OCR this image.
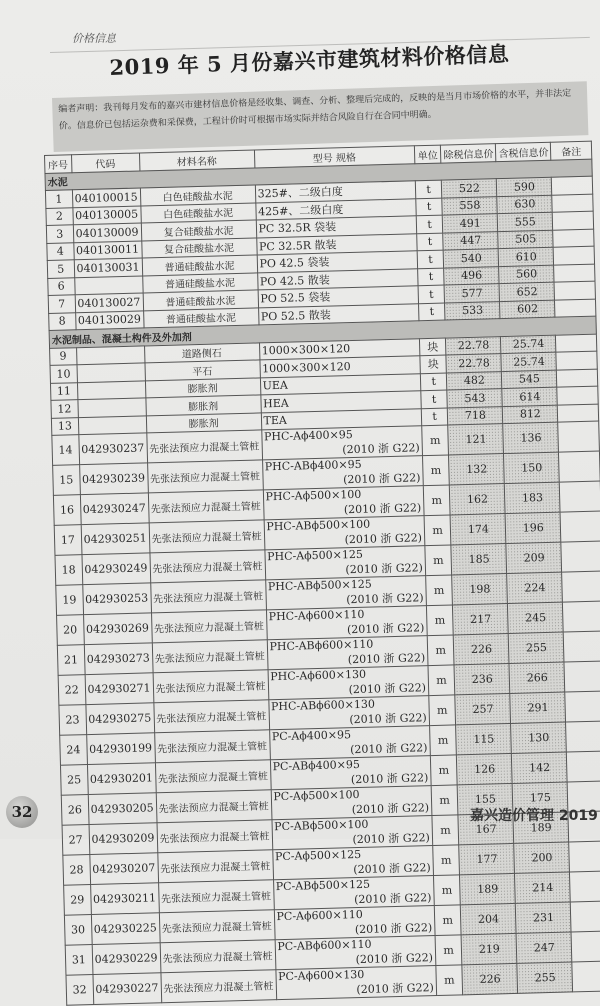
价格信息
2019 年 5 月份嘉兴市建筑材料价格信息
编者声明：我刊每月发布的嘉兴市建材信息价格是经收集、调查、分析、整理后完成的，反映的是当月市场价格的水平，并非法定价。信息价已包括运杂费和采保费，工程计价时可根据市场实际并结合风险自行在合同中明确。
序号	代码	材料名称	型号 规格	单位	除税信息价	含税信息价	备注
水泥							
1	040100015	白色硅酸盐水泥	325#、二级白度	t	522	590	
2	040130005	白色硅酸盐水泥	425#、二级白度	t	558	630	
3	040130009	复合硅酸盐水泥	PC 32.5R 袋装	t	491	555	
4	040130011	复合硅酸盐水泥	PC 32.5R 散装	t	447	505	
5	040130031	普通硅酸盐水泥	PO 42.5 袋装	t	540	610	
6		普通硅酸盐水泥	PO 42.5 散装	t	496	560	
7	040130027	普通硅酸盐水泥	PO 52.5 袋装	t	577	652	
8	040130029	普通硅酸盐水泥	PO 52.5 散装	t	533	602	
水泥制品、混凝土构件及外加剂							
9		道路侧石	1000×300×120	块	22.78	25.74	
10		平石	1000×300×120	块	22.78	25.74	
11		膨胀剂	UEA	t	482	545	
12		膨胀剂	HEA	t	543	614	
13		膨胀剂	TEA	t	718	812	
14	042930237	先张法预应力混凝土管桩	PHC-Aϕ400×95
(2010 浙 G22)	m	121	136	
15	042930239	先张法预应力混凝土管桩	PHC-ABϕ400×95
(2010 浙 G22)	m	132	150	
16	042930247	先张法预应力混凝土管桩	PHC-Aϕ500×100
(2010 浙 G22)	m	162	183	
17	042930251	先张法预应力混凝土管桩	PHC-ABϕ500×100
(2010 浙 G22)	m	174	196	
18	042930249	先张法预应力混凝土管桩	PHC-Aϕ500×125
(2010 浙 G22)	m	185	209	
19	042930253	先张法预应力混凝土管桩	PHC-ABϕ500×125
(2010 浙 G22)	m	198	224	
20	042930269	先张法预应力混凝土管桩	PHC-Aϕ600×110
(2010 浙 G22)	m	217	245	
21	042930273	先张法预应力混凝土管桩	PHC-ABϕ600×110
(2010 浙 G22)	m	226	255	
22	042930271	先张法预应力混凝土管桩	PHC-Aϕ600×130
(2010 浙 G22)	m	236	266	
23	042930275	先张法预应力混凝土管桩	PHC-ABϕ600×130
(2010 浙 G22)	m	257	291	
24	042930199	先张法预应力混凝土管桩	PC-Aϕ400×95
(2010 浙 G22)	m	115	130	
25	042930201	先张法预应力混凝土管桩	PC-ABϕ400×95
(2010 浙 G22)	m	126	142	
26	042930205	先张法预应力混凝土管桩	PC-Aϕ500×100
(2010 浙 G22)	m	155	175	
27	042930209	先张法预应力混凝土管桩	PC-ABϕ500×100
(2010 浙 G22)	m	167	189	
28	042930207	先张法预应力混凝土管桩	PC-Aϕ500×125
(2010 浙 G22)	m	177	200	
29	042930211	先张法预应力混凝土管桩	PC-ABϕ500×125
(2010 浙 G22)	m	189	214	
30	042930225	先张法预应力混凝土管桩	PC-Aϕ600×110
(2010 浙 G22)	m	204	231	
31	042930229	先张法预应力混凝土管桩	PC-ABϕ600×110
(2010 浙 G22)	m	219	247	
32	042930227	先张法预应力混凝土管桩	PC-Aϕ600×130
(2010 浙 G22)	m	226	255	
32	嘉兴造价管理 2019
